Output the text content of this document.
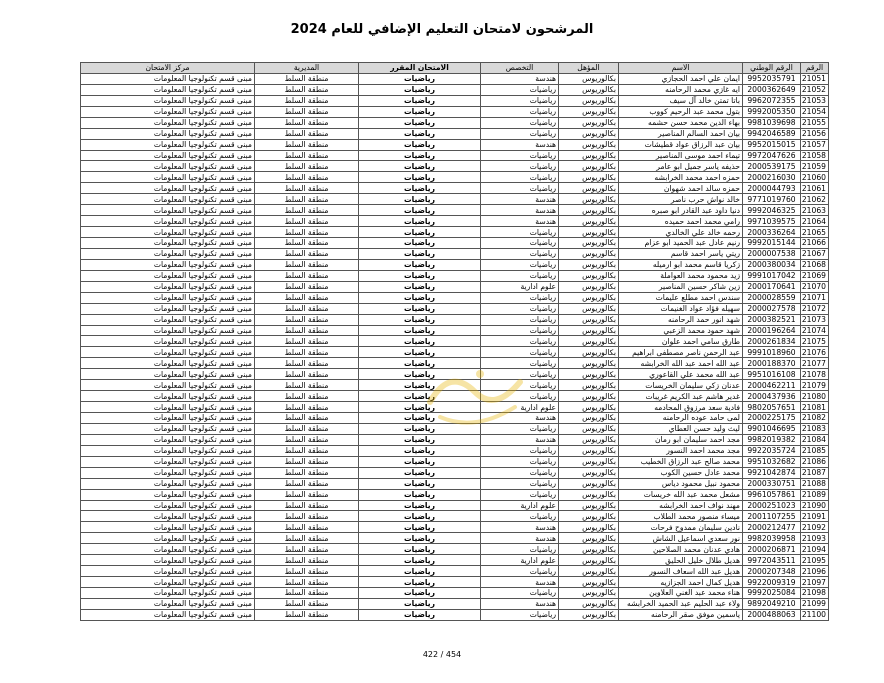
المرشحون لامتحان التعليم الإضافي للعام 2024
الرقم	الرقم الوطني	الاسم	المؤهل	التخصص	الامتحان المقرر	المديرية	مركز الامتحان
21051	9952035791	ايمان علي احمد الحجازي	بكالوريوس	هندسة	رياضيات	منطقة السلط	مبنى قسم تكنولوجيا المعلومات
21052	2000362649	ايه غازي محمد الرحامنه	بكالوريوس	رياضيات	رياضيات	منطقة السلط	مبنى قسم تكنولوجيا المعلومات
21053	9962072355	باتا تمتن خالد آل سيف	بكالوريوس	رياضيات	رياضيات	منطقة السلط	مبنى قسم تكنولوجيا المعلومات
21054	9992005350	بتول محمد عبد الرحيم كووب	بكالوريوس	رياضيات	رياضيات	منطقة السلط	مبنى قسم تكنولوجيا المعلومات
21055	9981039698	بهاء الدين محمد حسن حشمه	بكالوريوس	رياضيات	رياضيات	منطقة السلط	مبنى قسم تكنولوجيا المعلومات
21056	9942046589	بيان احمد السالم المناصير	بكالوريوس	رياضيات	رياضيات	منطقة السلط	مبنى قسم تكنولوجيا المعلومات
21057	9952015015	بيان عبد الرزاق عواد قطيشات	بكالوريوس	هندسة	رياضيات	منطقة السلط	مبنى قسم تكنولوجيا المعلومات
21058	9972047626	تيماء احمد موسى المناصير	بكالوريوس	رياضيات	رياضيات	منطقة السلط	مبنى قسم تكنولوجيا المعلومات
21059	2000539175	حذيفه ياسر جميل ابو عامر	بكالوريوس	رياضيات	رياضيات	منطقة السلط	مبنى قسم تكنولوجيا المعلومات
21060	2000216030	حمزه احمد محمد الخرابشه	بكالوريوس	رياضيات	رياضيات	منطقة السلط	مبنى قسم تكنولوجيا المعلومات
21061	2000044793	حمزه سالد احمد شهوان	بكالوريوس	رياضيات	رياضيات	منطقة السلط	مبنى قسم تكنولوجيا المعلومات
21062	9771019760	خالد نواش حرب ناصر	بكالوريوس	هندسة	رياضيات	منطقة السلط	مبنى قسم تكنولوجيا المعلومات
21063	9992046325	دنيا داود عبد القادر ابو صبره	بكالوريوس	هندسة	رياضيات	منطقة السلط	مبنى قسم تكنولوجيا المعلومات
21064	9971039575	رامي محمد احمد حميده	بكالوريوس	هندسة	رياضيات	منطقة السلط	مبنى قسم تكنولوجيا المعلومات
21065	2000336264	رحمه خالد علي الخالدي	بكالوريوس	رياضيات	رياضيات	منطقة السلط	مبنى قسم تكنولوجيا المعلومات
21066	9992015144	رنيم عادل عبد الحميد ابو عزام	بكالوريوس	رياضيات	رياضيات	منطقة السلط	مبنى قسم تكنولوجيا المعلومات
21067	2000007538	ريتي ياسر احمد قاسم	بكالوريوس	رياضيات	رياضيات	منطقة السلط	مبنى قسم تكنولوجيا المعلومات
21068	2000380034	زكريا قاسم محمد ابو ارميله	بكالوريوس	رياضيات	رياضيات	منطقة السلط	مبنى قسم تكنولوجيا المعلومات
21069	9991017042	زيد محمود محمد العواملة	بكالوريوس	رياضيات	رياضيات	منطقة السلط	مبنى قسم تكنولوجيا المعلومات
21070	2000170641	زين شاكر حسين المناصير	بكالوريوس	علوم ادارية	رياضيات	منطقة السلط	مبنى قسم تكنولوجيا المعلومات
21071	2000028559	سندس احمد مطلع عليمات	بكالوريوس	رياضيات	رياضيات	منطقة السلط	مبنى قسم تكنولوجيا المعلومات
21072	2000027578	سهيله فؤاد عواد الغنيمات	بكالوريوس	رياضيات	رياضيات	منطقة السلط	مبنى قسم تكنولوجيا المعلومات
21073	2000382521	شهد انور حمد الرحامنه	بكالوريوس	رياضيات	رياضيات	منطقة السلط	مبنى قسم تكنولوجيا المعلومات
21074	2000196264	شهد حمود محمد الزعبي	بكالوريوس	رياضيات	رياضيات	منطقة السلط	مبنى قسم تكنولوجيا المعلومات
21075	2000261834	طارق سامي احمد علوان	بكالوريوس	رياضيات	رياضيات	منطقة السلط	مبنى قسم تكنولوجيا المعلومات
21076	9991018960	عبد الرحمن ناصر مصطفى ابراهيم	بكالوريوس	رياضيات	رياضيات	منطقة السلط	مبنى قسم تكنولوجيا المعلومات
21077	2000188370	عبد الله احمد عبد الله الخرابشه	بكالوريوس	رياضيات	رياضيات	منطقة السلط	مبنى قسم تكنولوجيا المعلومات
21078	9951016108	عبد الله محمد علي القاعوري	بكالوريوس	رياضيات	رياضيات	منطقة السلط	مبنى قسم تكنولوجيا المعلومات
21079	2000462211	عدنان زكي سليمان الخريسات	بكالوريوس	رياضيات	رياضيات	منطقة السلط	مبنى قسم تكنولوجيا المعلومات
21080	2000437936	غدير هاشم عبد الكريم غريبات	بكالوريوس	رياضيات	رياضيات	منطقة السلط	مبنى قسم تكنولوجيا المعلومات
21081	9802057651	فادية سعد مرزوق المحادمه	بكالوريوس	علوم ادارية	رياضيات	منطقة السلط	مبنى قسم تكنولوجيا المعلومات
21082	2000225175	لمى حامد عوده الرحامنه	بكالوريوس	هندسة	رياضيات	منطقة السلط	مبنى قسم تكنولوجيا المعلومات
21083	9901046695	ليث وليد حسن العطاي	بكالوريوس	رياضيات	رياضيات	منطقة السلط	مبنى قسم تكنولوجيا المعلومات
21084	9982019382	مجد احمد سليمان ابو رمان	بكالوريوس	هندسة	رياضيات	منطقة السلط	مبنى قسم تكنولوجيا المعلومات
21085	9922035724	مجد محمد احمد النسور	بكالوريوس	رياضيات	رياضيات	منطقة السلط	مبنى قسم تكنولوجيا المعلومات
21086	9951032682	محمد صالح عبد الرزاق الخطيب	بكالوريوس	رياضيات	رياضيات	منطقة السلط	مبنى قسم تكنولوجيا المعلومات
21087	9921042874	محمد عادل حسين الكوب	بكالوريوس	رياضيات	رياضيات	منطقة السلط	مبنى قسم تكنولوجيا المعلومات
21088	2000330751	محمود نبيل محمود دياس	بكالوريوس	رياضيات	رياضيات	منطقة السلط	مبنى قسم تكنولوجيا المعلومات
21089	9961057861	مشعل محمد عبد الله خريسات	بكالوريوس	رياضيات	رياضيات	منطقة السلط	مبنى قسم تكنولوجيا المعلومات
21090	2000251023	مهند نواف احمد الخرابشه	بكالوريوس	علوم ادارية	رياضيات	منطقة السلط	مبنى قسم تكنولوجيا المعلومات
21091	2001107255	ميساء منصور محمد الطلاب	بكالوريوس	رياضيات	رياضيات	منطقة السلط	مبنى قسم تكنولوجيا المعلومات
21092	2000212477	نادين سليمان ممدوح فرحات	بكالوريوس	هندسة	رياضيات	منطقة السلط	مبنى قسم تكنولوجيا المعلومات
21093	9982039958	نور سعدي اسماعيل الشاش	بكالوريوس	هندسة	رياضيات	منطقة السلط	مبنى قسم تكنولوجيا المعلومات
21094	2000206871	هادي عدنان محمد الصلاحين	بكالوريوس	رياضيات	رياضيات	منطقة السلط	مبنى قسم تكنولوجيا المعلومات
21095	9972043511	هديل طلال خليل الحليق	بكالوريوس	علوم ادارية	رياضيات	منطقة السلط	مبنى قسم تكنولوجيا المعلومات
21096	2000207348	هديل عبد الله اسعاف النسور	بكالوريوس	رياضيات	رياضيات	منطقة السلط	مبنى قسم تكنولوجيا المعلومات
21097	9922009319	هديل كمال احمد الجزازيه	بكالوريوس	هندسة	رياضيات	منطقة السلط	مبنى قسم تكنولوجيا المعلومات
21098	9992025084	هناء محمد عبد الغني العلاوين	بكالوريوس	رياضيات	رياضيات	منطقة السلط	مبنى قسم تكنولوجيا المعلومات
21099	9892049210	ولاء عبد الحليم عبد الحميد الخرابشه	بكالوريوس	هندسة	رياضيات	منطقة السلط	مبنى قسم تكنولوجيا المعلومات
21100	2000488063	ياسمين موفق صقر الرحامنه	بكالوريوس	رياضيات	رياضيات	منطقة السلط	مبنى قسم تكنولوجيا المعلومات
422 / 454
